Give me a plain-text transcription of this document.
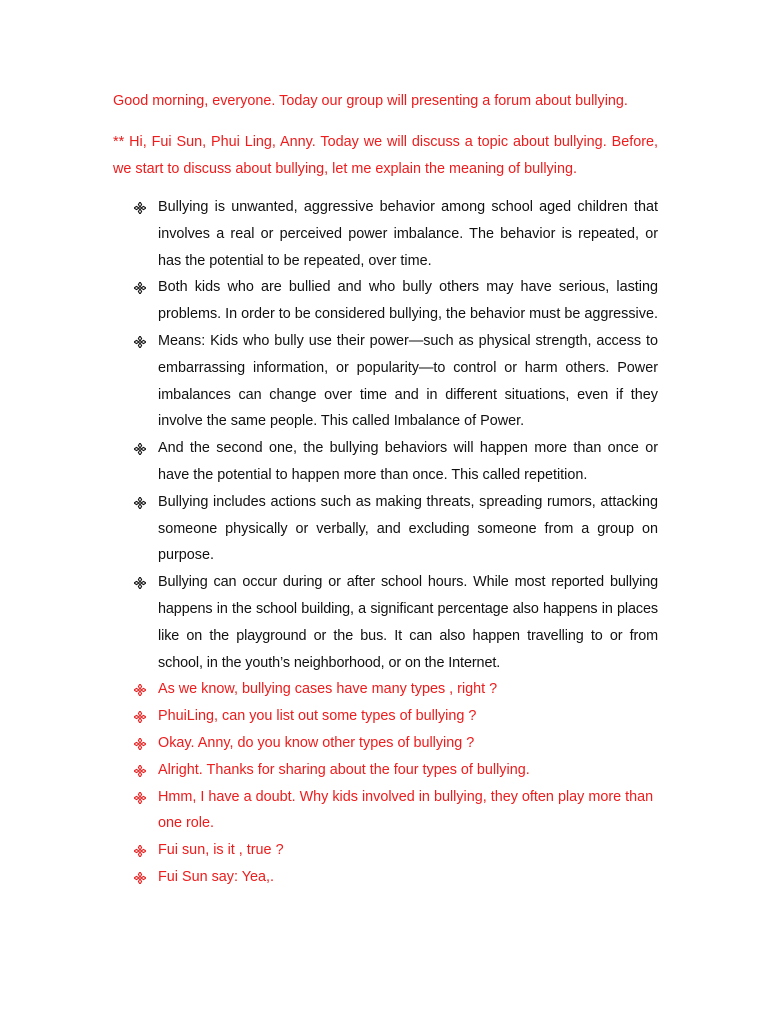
Good morning, everyone. Today our group will presenting a forum about bullying.

** Hi, Fui Sun, Phui Ling, Anny. Today we will discuss a topic about bullying. Before, we start to discuss about bullying, let me explain the meaning of bullying.

Bullying is unwanted, aggressive behavior among school aged children that involves a real or perceived power imbalance. The behavior is repeated, or has the potential to be repeated, over time.
Both kids who are bullied and who bully others may have serious, lasting problems. In order to be considered bullying, the behavior must be aggressive.
Means: Kids who bully use their power—such as physical strength, access to embarrassing information, or popularity—to control or harm others. Power imbalances can change over time and in different situations, even if they involve the same people. This called Imbalance of Power.
And the second one, the bullying behaviors will happen more than once or have the potential to happen more than once. This called repetition.
Bullying includes actions such as making threats, spreading rumors, attacking someone physically or verbally, and excluding someone from a group on purpose.
Bullying can occur during or after school hours. While most reported bullying happens in the school building, a significant percentage also happens in places like on the playground or the bus. It can also happen travelling to or from school, in the youth’s neighborhood, or on the Internet.
As we know, bullying cases have many types , right ?
PhuiLing, can you list out some types of bullying ?
Okay. Anny, do you know other types of bullying ?
Alright. Thanks for sharing about the four types of bullying.
Hmm, I have a doubt. Why kids involved in bullying, they often play more than one role.
Fui sun, is it , true ?
Fui Sun say: Yea,.
